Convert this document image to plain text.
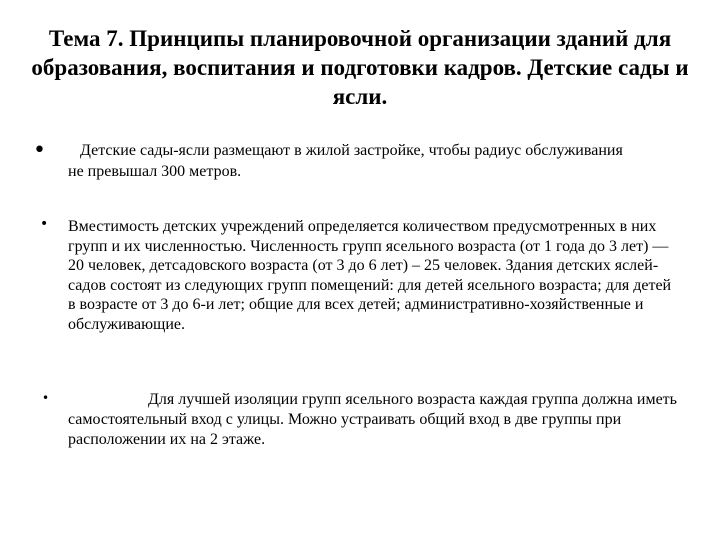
Тема 7. Принципы планировочной организации зданий для образования, воспитания и подготовки кадров. Детские сады и ясли.
•	Детские сады-ясли размещают в жилой застройке, чтобы радиус обслуживания не превышал 300 метров.
• Вместимость детских учреждений определяется количеством предусмотренных в них групп и их численностью. Численность групп ясельного возраста (от 1 года до 3 лет) —20 человек, детсадовского возраста (от 3 до 6 лет) – 25 человек. Здания детских яслей-садов состоят из следующих групп помещений: для детей ясельного возраста; для детей в возрасте от 3 до 6-и лет; общие для всех детей; административно-хозяйственные и обслуживающие.
•	Для лучшей изоляции групп ясельного возраста каждая группа должна иметь самостоятельный вход с улицы. Можно устраивать общий вход в две группы при расположении их на 2 этаже.
